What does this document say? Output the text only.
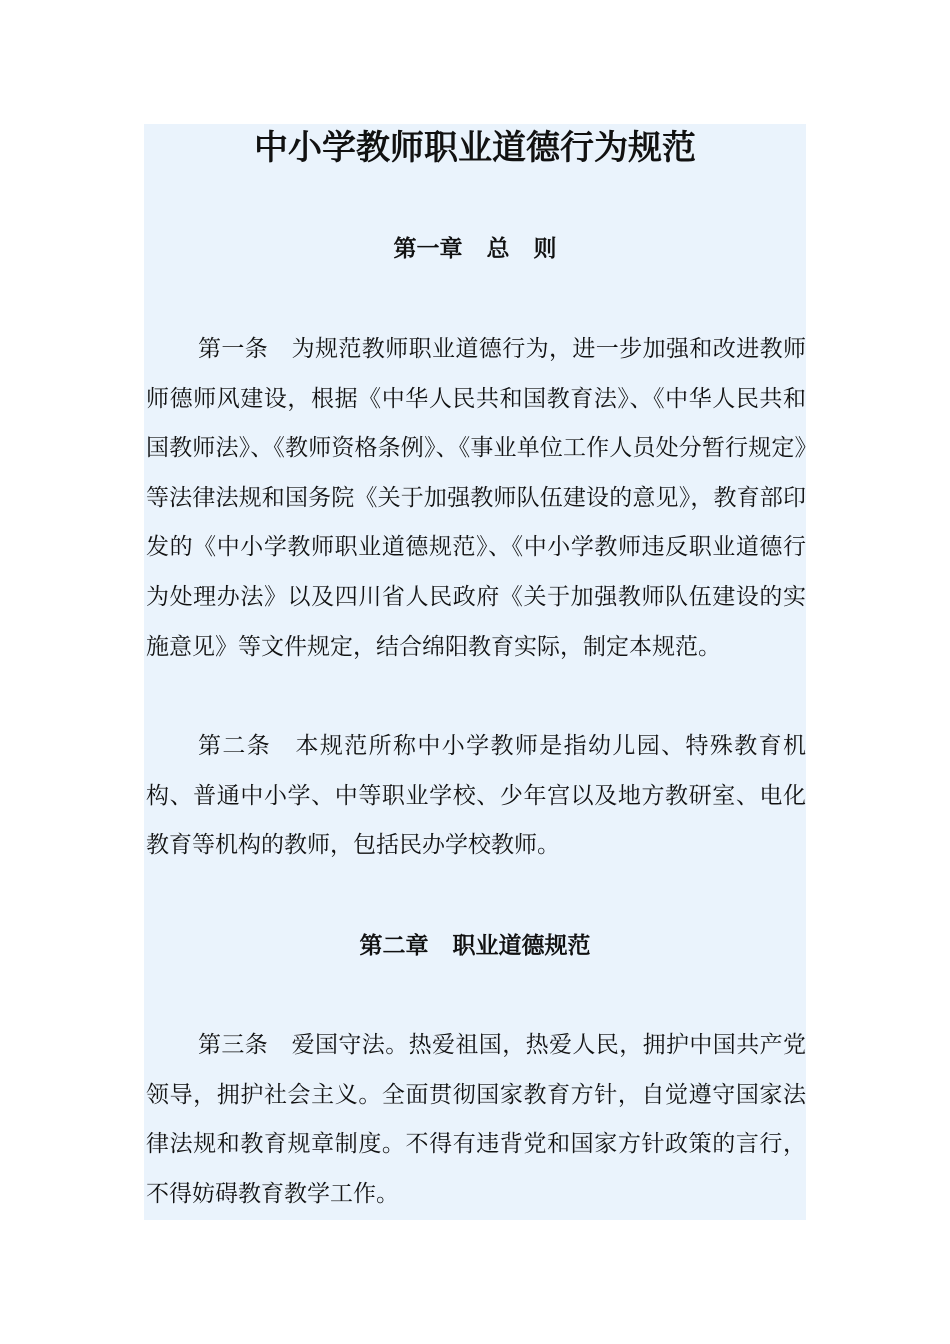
中小学教师职业道德行为规范
第一章   总   则

第一条　为规范教师职业道德行为，进一步加强和改进教师师德师风建设，根据《中华人民共和国教育法》、《中华人民共和国教师法》、《教师资格条例》、《事业单位工作人员处分暂行规定》等法律法规和国务院《关于加强教师队伍建设的意见》，教育部印发的《中小学教师职业道德规范》、《中小学教师违反职业道德行为处理办法》以及四川省人民政府《关于加强教师队伍建设的实施意见》等文件规定，结合绵阳教育实际，制定本规范。

第二条　本规范所称中小学教师是指幼儿园、特殊教育机构、普通中小学、中等职业学校、少年宫以及地方教研室、电化教育等机构的教师，包括民办学校教师。

第二章   职业道德规范

第三条　爱国守法。热爱祖国，热爱人民，拥护中国共产党领导，拥护社会主义。全面贯彻国家教育方针，自觉遵守国家法律法规和教育规章制度。不得有违背党和国家方针政策的言行，不得妨碍教育教学工作。
